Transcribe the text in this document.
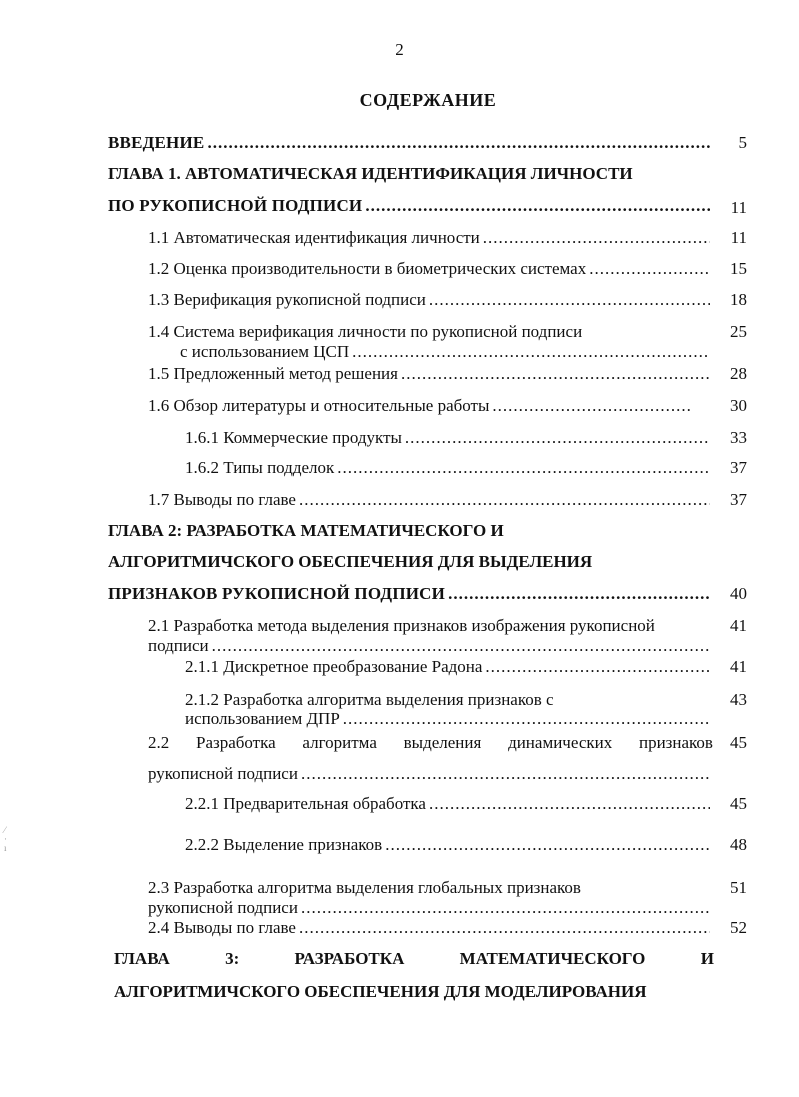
2
СОДЕРЖАНИЕ
ВВЕДЕНИЕ .....	5
ГЛАВА 1. АВТОМАТИЧЕСКАЯ ИДЕНТИФИКАЦИЯ ЛИЧНОСТИ
ПО РУКОПИСНОЙ ПОДПИСИ .....	11
1.1 Автоматическая идентификация личности .....	11
1.2 Оценка производительности в биометрических системах .....	15
1.3 Верификация рукописной подписи .....	18
1.4 Система верификация личности по рукописной подписи	25
с использованием ЦСП
.....
1.5 Предложенный метод решения .....	28
1.6 Обзор литературы и относительные работы .....	30
1.6.1 Коммерческие продукты .....	33
1.6.2 Типы подделок .....	37
1.7 Выводы по главе .....	37
ГЛАВА 2: РАЗРАБОТКА МАТЕМАТИЧЕСКОГО И
АЛГОРИТМИЧСКОГО ОБЕСПЕЧЕНИЯ ДЛЯ ВЫДЕЛЕНИЯ
ПРИЗНАКОВ РУКОПИСНОЙ ПОДПИСИ .....	40
2.1 Разработка метода выделения признаков изображения рукописной	41
подписи
.....
2.1.1 Дискретное преобразование Радона .....	41
2.1.2 Разработка алгоритма выделения признаков с	43
использованием ДПР
.....
2.2 Разработка алгоритма выделения динамических признаков	45
рукописной подписи
.....
2.2.1 Предварительная обработка .....	45
2.2.2 Выделение признаков .....	48
2.3 Разработка алгоритма выделения глобальных признаков	51
рукописной подписи
.....
2.4 Выводы по главе .....	52
ГЛАВА	3:	РАЗРАБОТКА	МАТЕМАТИЧЕСКОГО	И
АЛГОРИТМИЧСКОГО ОБЕСПЕЧЕНИЯ ДЛЯ МОДЕЛИРОВАНИЯ
⁄
·
ı
